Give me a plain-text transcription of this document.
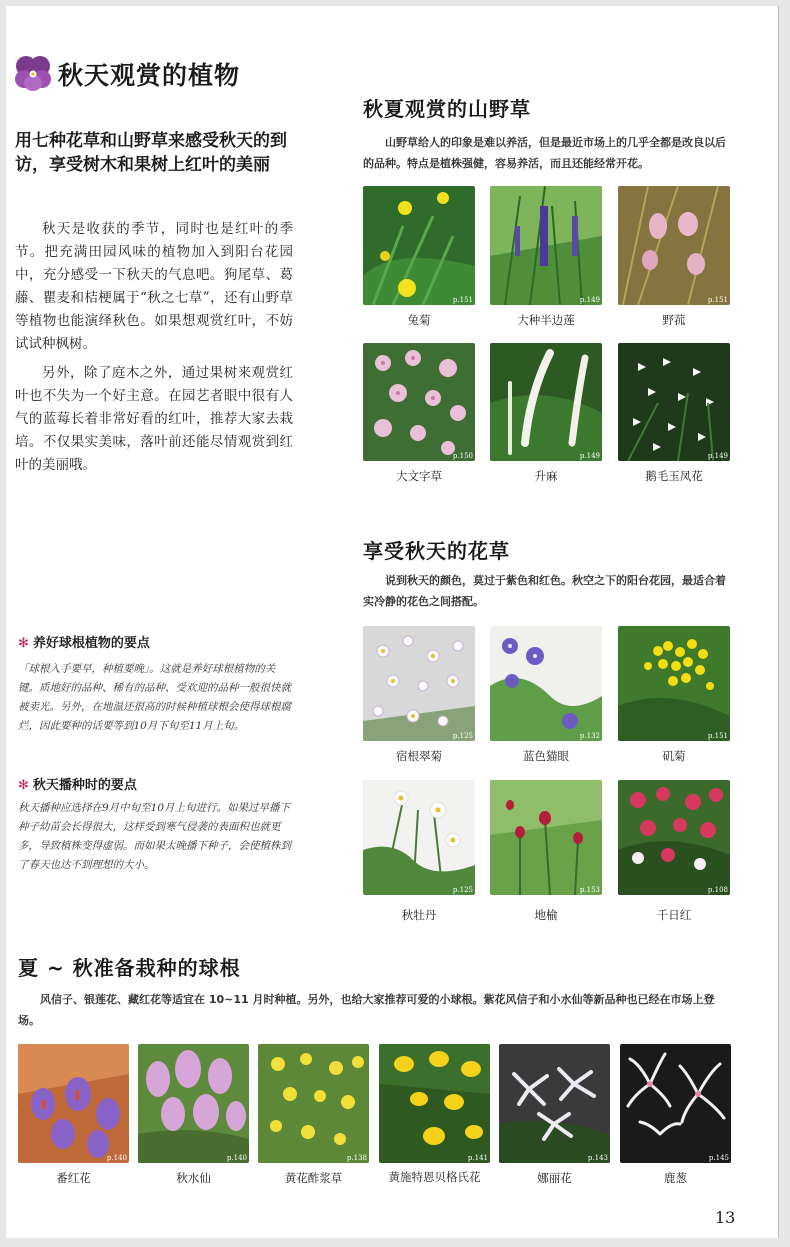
秋天观赏的植物
用七种花草和山野草来感受秋天的到访，享受树木和果树上红叶的美丽

秋天是收获的季节，同时也是红叶的季节。把充满田园风味的植物加入到阳台花园中，充分感受一下秋天的气息吧。狗尾草、葛藤、瞿麦和桔梗属于“秋之七草”，还有山野草等植物也能演绎秋色。如果想观赏红叶，不妨试试种枫树。

另外，除了庭木之外，通过果树来观赏红叶也不失为一个好主意。在园艺者眼中很有人气的蓝莓长着非常好看的红叶，推荐大家去栽培。不仅果实美味，落叶前还能尽情观赏到红叶的美丽哦。

✻ 养好球根植物的要点
「球根入手要早，种植要晚」。这就是养好球根植物的关键。质地好的品种、稀有的品种、受欢迎的品种一般很快就被卖光。另外，在地温还很高的时候种植球根会使得球根腐烂，因此要种的话要等到10月下旬至11月上旬。
✻ 秋天播种时的要点
秋天播种应选择在9月中旬至10月上旬进行。如果过早播下种子幼苗会长得很大，这样受到寒气侵袭的表面积也就更多，导致植株变得虚弱。而如果太晚播下种子，会使植株到了春天也达不到理想的大小。
秋夏观赏的山野草
山野草给人的印象是难以养活，但是最近市场上的几乎全都是改良以后的品种。特点是植株强健，容易养活，而且还能经常开花。
p.151
兔菊
p.149
大种半边莲
p.151
野菰
p.150
大文字草
p.149
升麻
p.149
鹅毛玉凤花
享受秋天的花草
说到秋天的颜色，莫过于紫色和红色。秋空之下的阳台花园，最适合着实冷静的花色之间搭配。
p.125
宿根翠菊
p.132
蓝色猫眼
p.151
矶菊
p.125
秋牡丹
p.153
地榆
p.108
千日红
夏 ~ 秋准备栽种的球根
风信子、银莲花、藏红花等适宜在 10~11 月时种植。另外，也给大家推荐可爱的小球根。紫花风信子和小水仙等新品种也已经在市场上登场。
p.140
番红花
p.140
秋水仙
p.138
黄花酢浆草
p.141
黄施特恩贝格氏花
p.143
娜丽花
p.145
鹿葱
13
